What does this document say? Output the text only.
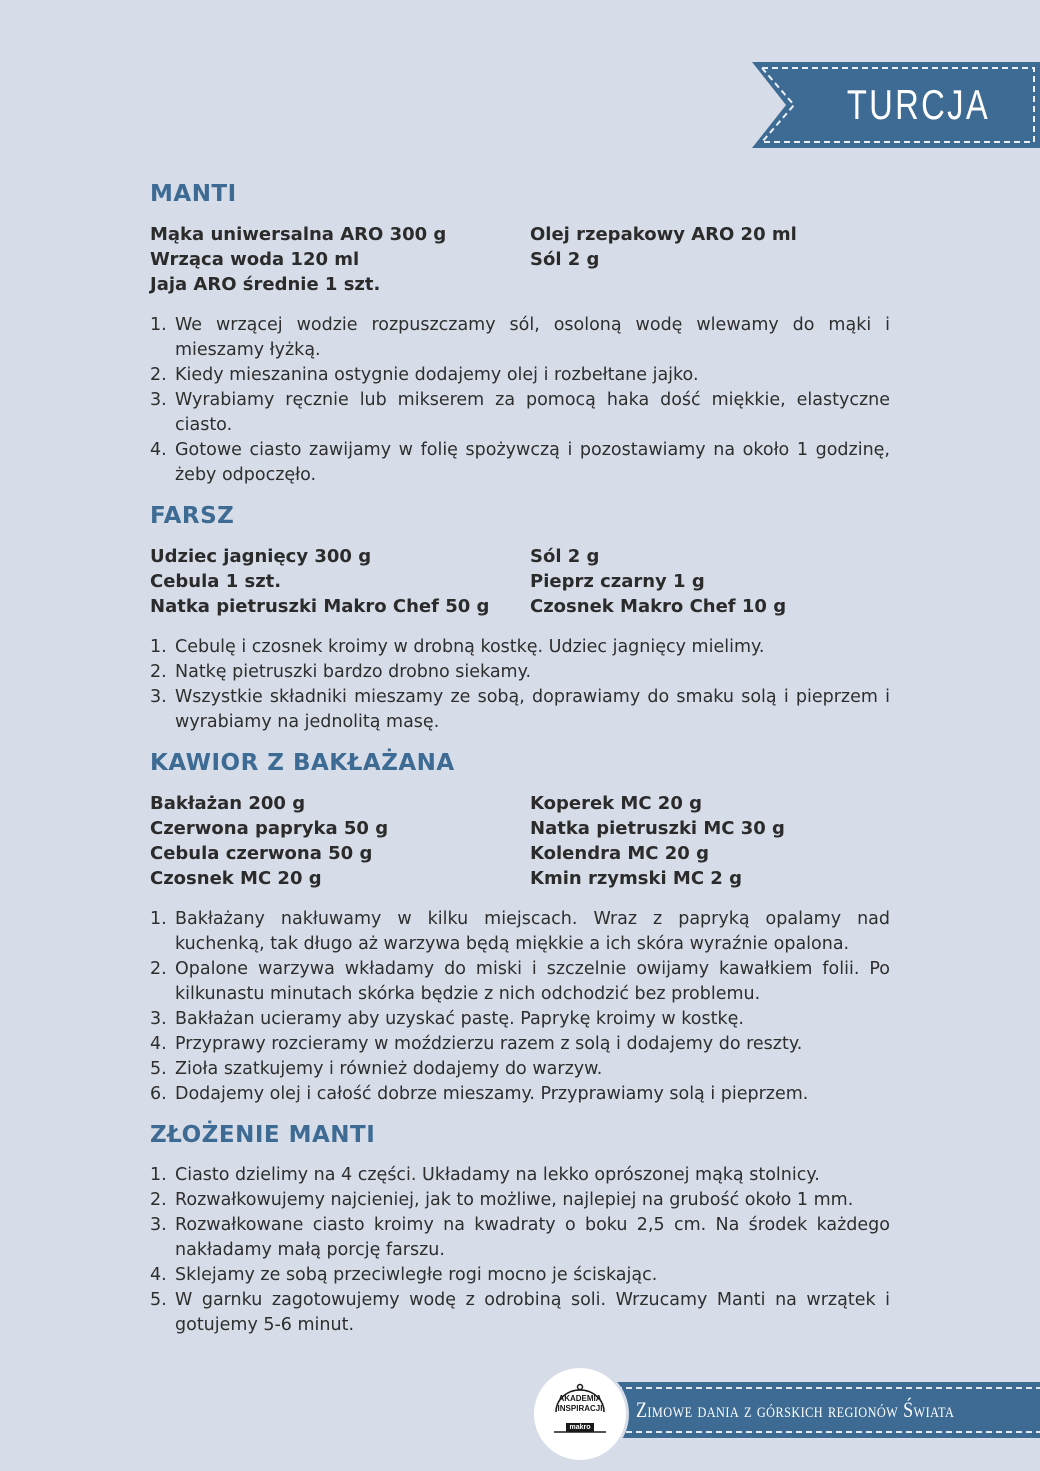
TURCJA
MANTI
Mąka uniwersalna ARO 300 g
Wrząca woda 120 ml
Jaja ARO średnie 1 szt.
Olej rzepakowy ARO 20 ml
Sól 2 g
1. We wrzącej wodzie rozpuszczamy sól, osoloną wodę wlewamy do mąki i mieszamy łyżką.
2. Kiedy mieszanina ostygnie dodajemy olej i rozbełtane jajko.
3. Wyrabiamy ręcznie lub mikserem za pomocą haka dość miękkie, elastyczne ciasto.
4. Gotowe ciasto zawijamy w folię spożywczą i pozostawiamy na około 1 godzinę, żeby odpoczęło.
FARSZ
Udziec jagnięcy 300 g
Cebula 1 szt.
Natka pietruszki Makro Chef 50 g
Sól 2 g
Pieprz czarny 1 g
Czosnek Makro Chef 10 g
1. Cebulę i czosnek kroimy w drobną kostkę. Udziec jagnięcy mielimy.
2. Natkę pietruszki bardzo drobno siekamy.
3. Wszystkie składniki mieszamy ze sobą, doprawiamy do smaku solą i pieprzem i wyrabiamy na jednolitą masę.
KAWIOR Z BAKŁAŻANA
Bakłażan 200 g
Czerwona papryka 50 g
Cebula czerwona 50 g
Czosnek MC 20 g
Koperek MC 20 g
Natka pietruszki MC 30 g
Kolendra MC 20 g
Kmin rzymski MC 2 g
1. Bakłażany nakłuwamy w kilku miejscach. Wraz z papryką opalamy nad kuchenką, tak długo aż warzywa będą miękkie a ich skóra wyraźnie opalona.
2. Opalone warzywa wkładamy do miski i szczelnie owijamy kawałkiem folii. Po kilkunastu minutach skórka będzie z nich odchodzić bez problemu.
3. Bakłażan ucieramy aby uzyskać pastę. Paprykę kroimy w kostkę.
4. Przyprawy rozcieramy w moździerzu razem z solą i dodajemy do reszty.
5. Zioła szatkujemy i również dodajemy do warzyw.
6. Dodajemy olej i całość dobrze mieszamy. Przyprawiamy solą i pieprzem.
ZŁOŻENIE MANTI
1. Ciasto dzielimy na 4 części. Układamy na lekko oprószonej mąką stolnicy.
2. Rozwałkowujemy najcieniej, jak to możliwe, najlepiej na grubość około 1 mm.
3. Rozwałkowane ciasto kroimy na kwadraty o boku 2,5 cm. Na środek każdego nakładamy małą porcję farszu.
4. Sklejamy ze sobą przeciwległe rogi mocno je ściskając.
5. W garnku zagotowujemy wodę z odrobiną soli. Wrzucamy Manti na wrzątek i gotujemy 5-6 minut.
Zimowe dania z górskich regionów Świata
AKADEMIA
INSPIRACJI
makro
